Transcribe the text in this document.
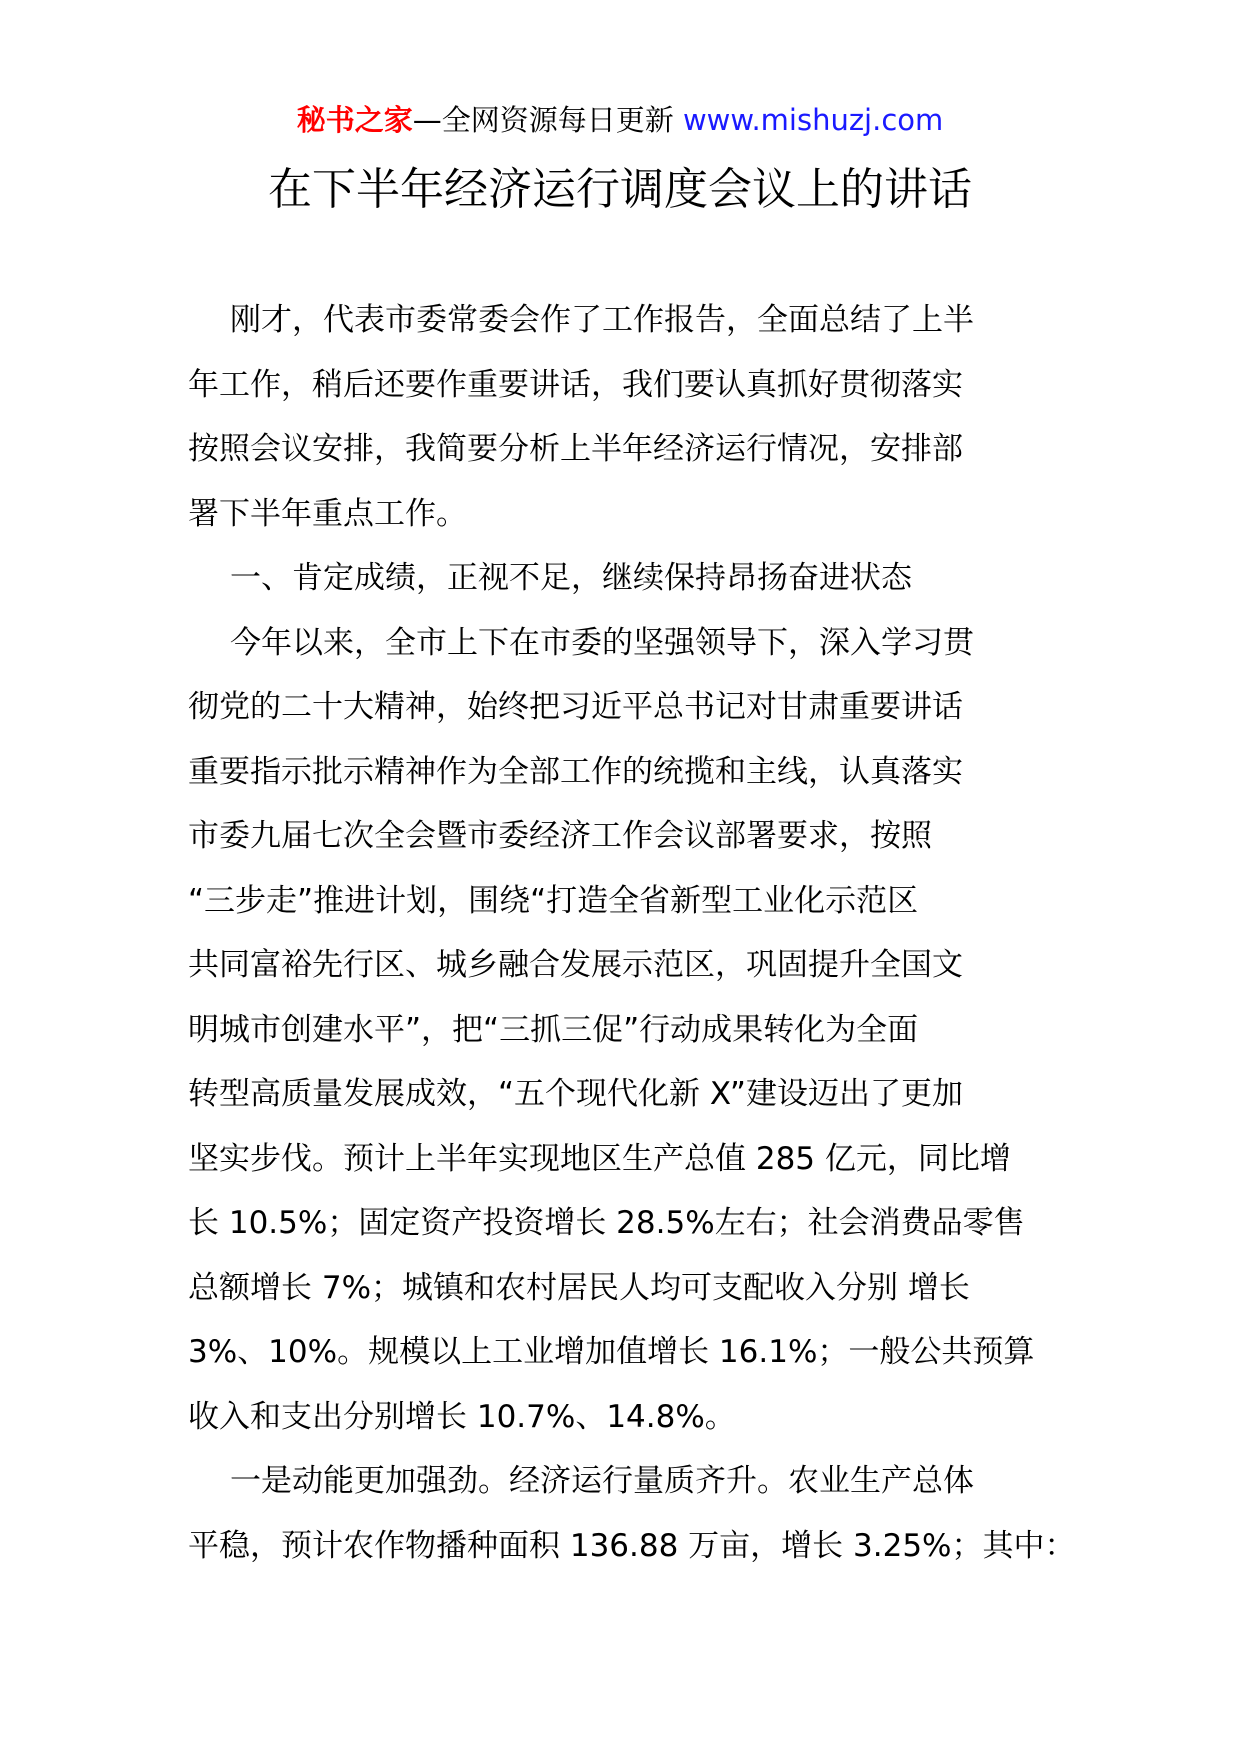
秘书之家—全网资源每日更新 www.mishuzj.com
在下半年经济运行调度会议上的讲话
刚才，代表市委常委会作了工作报告，全面总结了上半
年工作，稍后还要作重要讲话，我们要认真抓好贯彻落实
按照会议安排，我简要分析上半年经济运行情况，安排部
署下半年重点工作。
一、肯定成绩，正视不足，继续保持昂扬奋进状态
今年以来，全市上下在市委的坚强领导下，深入学习贯
彻党的二十大精神，始终把习近平总书记对甘肃重要讲话
重要指示批示精神作为全部工作的统揽和主线，认真落实
市委九届七次全会暨市委经济工作会议部署要求，按照
“三步走”推进计划，围绕“打造全省新型工业化示范区
共同富裕先行区、城乡融合发展示范区，巩固提升全国文
明城市创建水平”，把“三抓三促”行动成果转化为全面
转型高质量发展成效，“五个现代化新 X”建设迈出了更加
坚实步伐。预计上半年实现地区生产总值 285 亿元，同比增
长 10.5%；固定资产投资增长 28.5%左右；社会消费品零售
总额增长 7%；城镇和农村居民人均可支配收入分别 增长
3%、10%。规模以上工业增加值增长 16.1%；一般公共预算
收入和支出分别增长 10.7%、14.8%。
一是动能更加强劲。经济运行量质齐升。农业生产总体
平稳，预计农作物播种面积 136.88 万亩，增长 3.25%；其中：
